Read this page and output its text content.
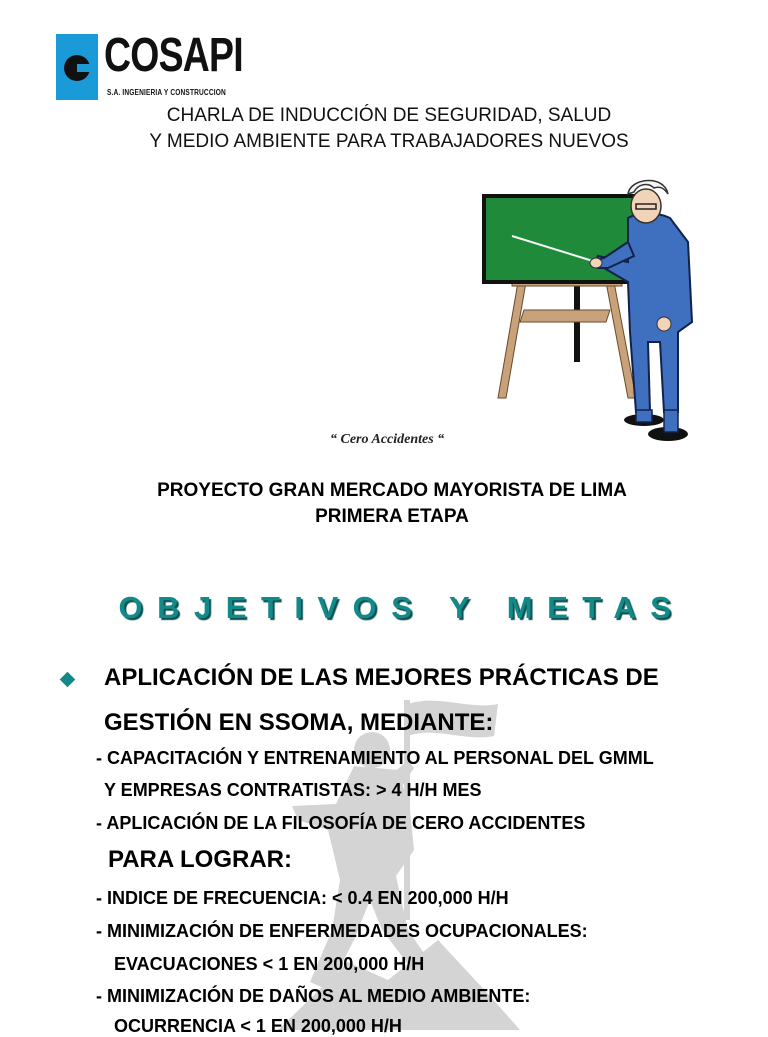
COSAPI
S.A. INGENIERIA Y CONSTRUCCION
CHARLA DE INDUCCIÓN DE SEGURIDAD, SALUD
Y MEDIO AMBIENTE PARA TRABAJADORES NUEVOS
“ Cero Accidentes “
PROYECTO GRAN MERCADO MAYORISTA DE LIMA
PRIMERA ETAPA
OBJETIVOS Y METAS
APLICACIÓN DE LAS MEJORES PRÁCTICAS DE
GESTIÓN EN SSOMA, MEDIANTE:
- CAPACITACIÓN Y ENTRENAMIENTO AL PERSONAL DEL GMML
Y EMPRESAS CONTRATISTAS: > 4 H/H MES
- APLICACIÓN DE LA FILOSOFÍA DE CERO ACCIDENTES
PARA LOGRAR:
- INDICE DE FRECUENCIA: < 0.4 EN 200,000 H/H
- MINIMIZACIÓN DE ENFERMEDADES OCUPACIONALES:
EVACUACIONES < 1 EN 200,000 H/H
- MINIMIZACIÓN DE DAÑOS AL MEDIO AMBIENTE:
OCURRENCIA < 1 EN 200,000 H/H
